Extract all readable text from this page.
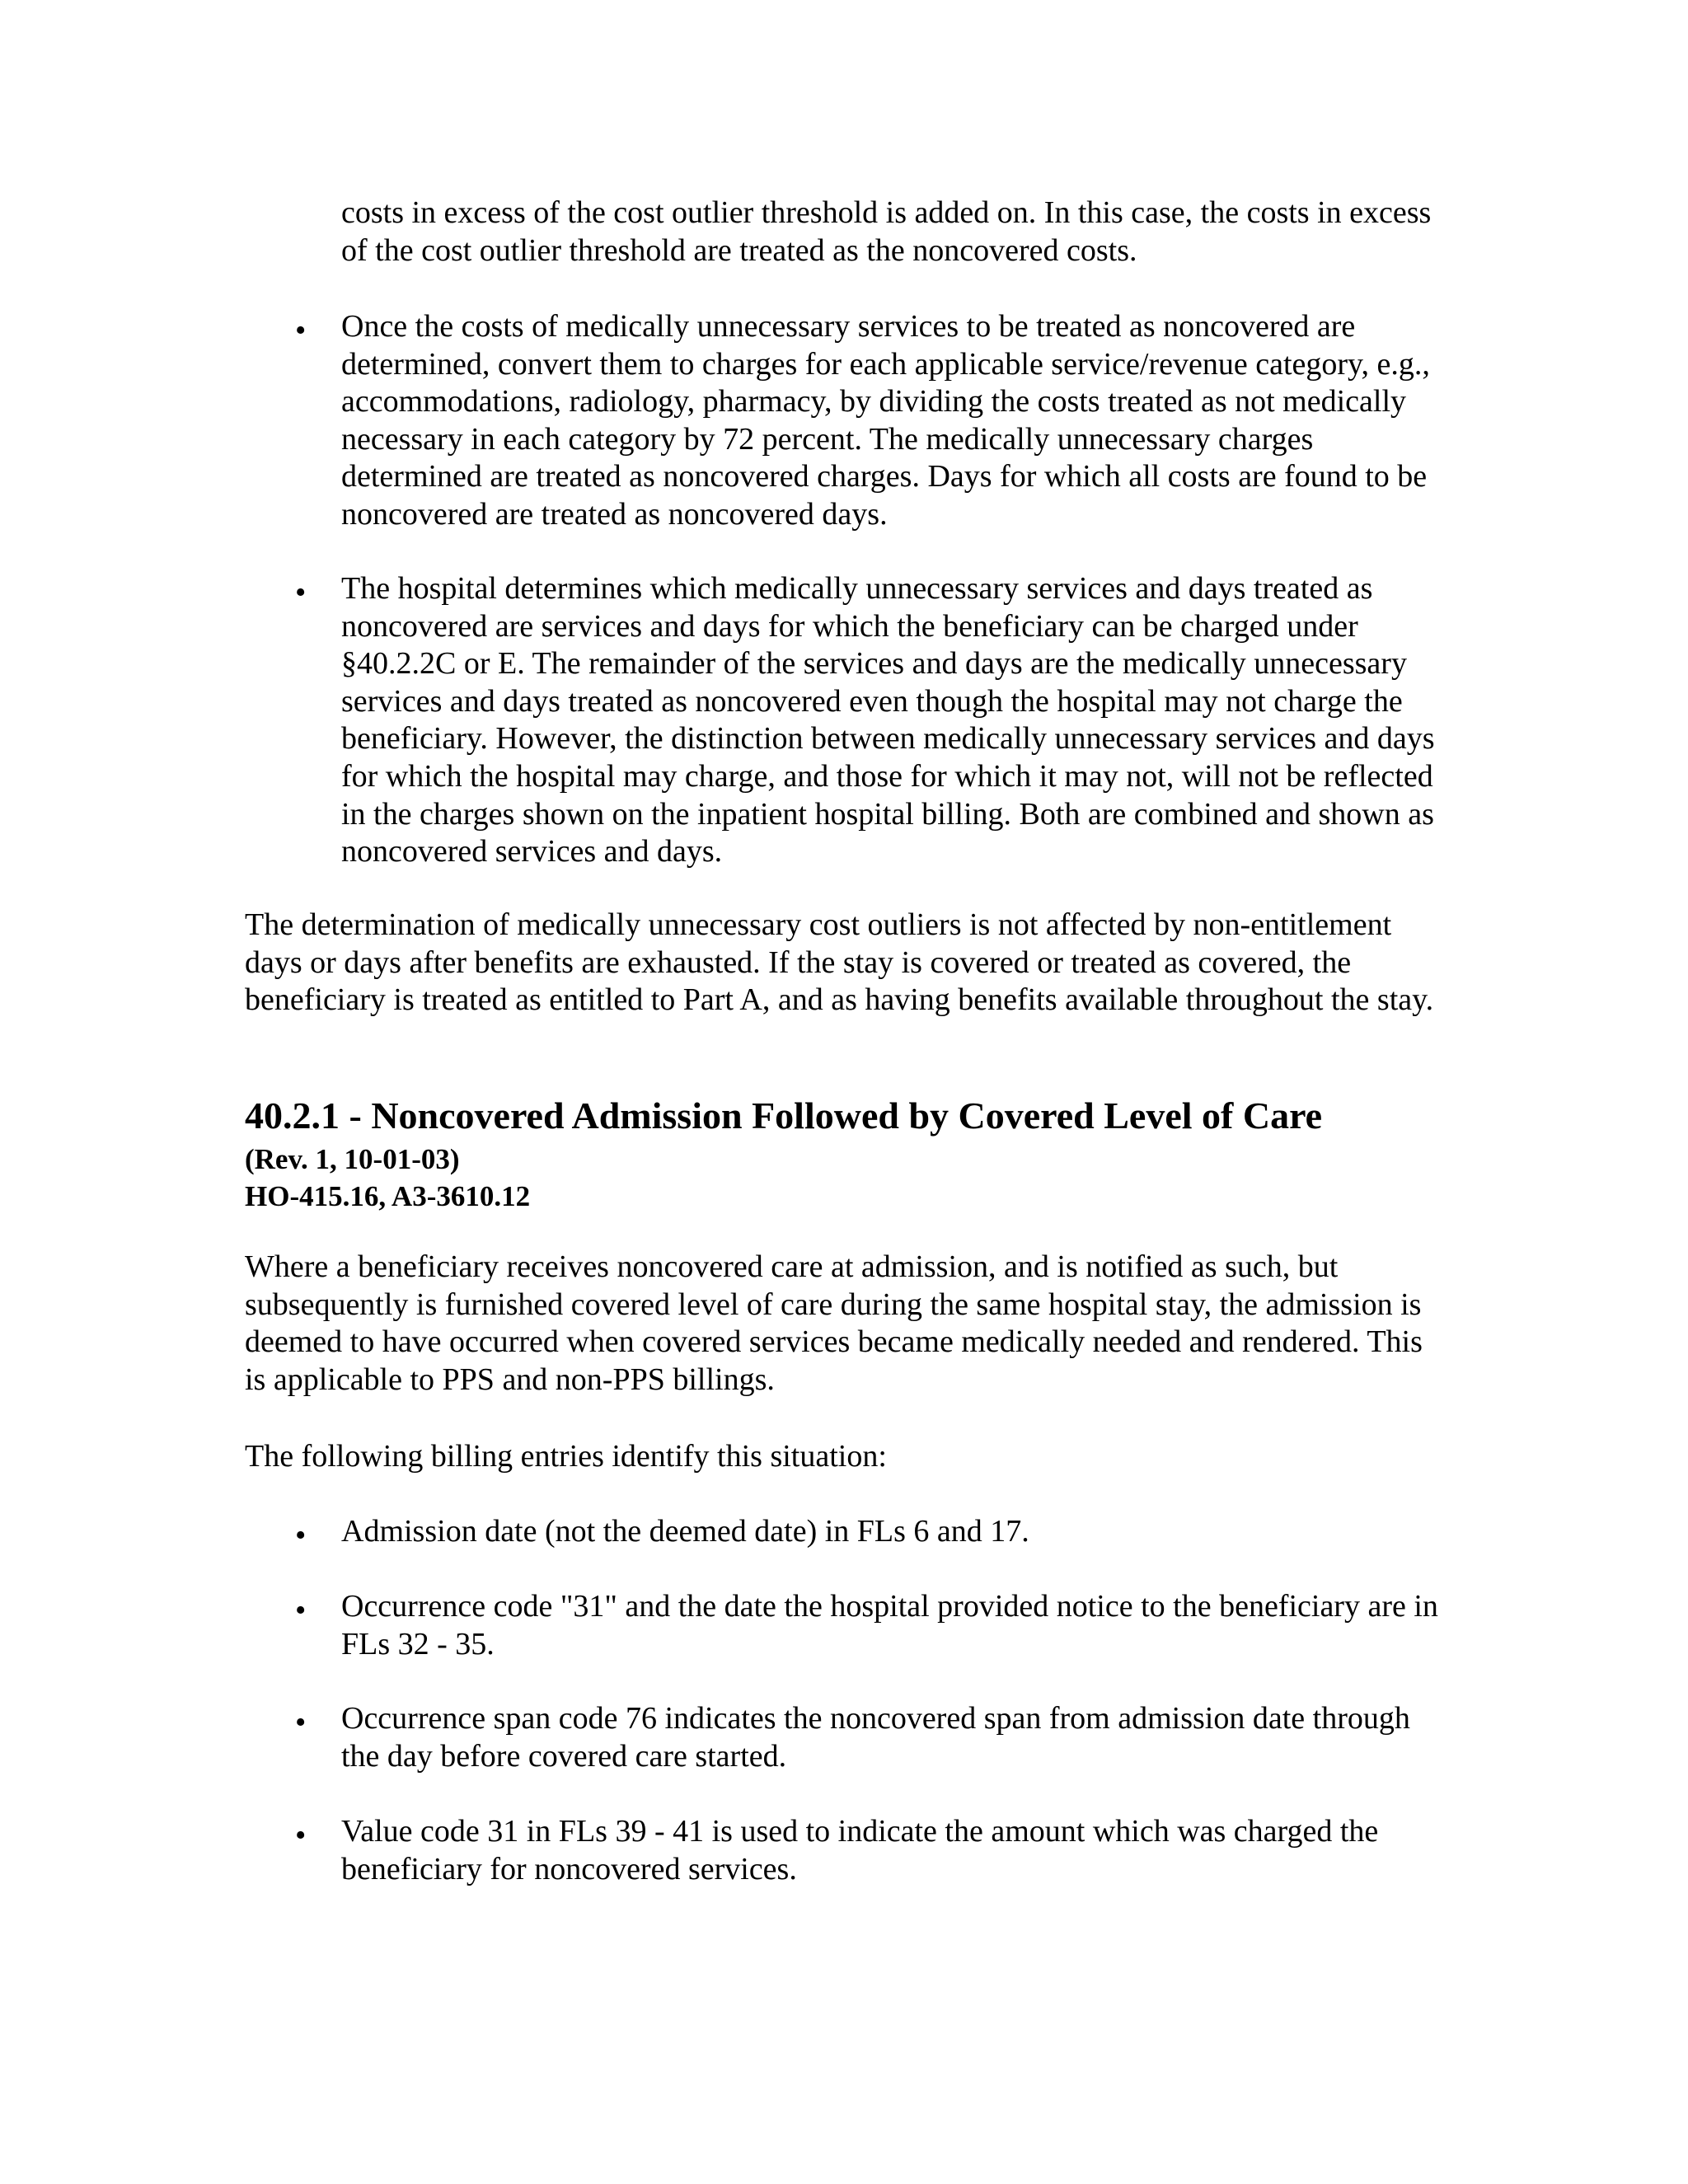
costs in excess of the cost outlier threshold is added on. In this case, the costs in excess of the cost outlier threshold are treated as the noncovered costs.

• Once the costs of medically unnecessary services to be treated as noncovered are determined, convert them to charges for each applicable service/revenue category, e.g., accommodations, radiology, pharmacy, by dividing the costs treated as not medically necessary in each category by 72 percent. The medically unnecessary charges determined are treated as noncovered charges. Days for which all costs are found to be noncovered are treated as noncovered days.

• The hospital determines which medically unnecessary services and days treated as noncovered are services and days for which the beneficiary can be charged under §40.2.2C or E. The remainder of the services and days are the medically unnecessary services and days treated as noncovered even though the hospital may not charge the beneficiary. However, the distinction between medically unnecessary services and days for which the hospital may charge, and those for which it may not, will not be reflected in the charges shown on the inpatient hospital billing. Both are combined and shown as noncovered services and days.

The determination of medically unnecessary cost outliers is not affected by non-entitlement days or days after benefits are exhausted. If the stay is covered or treated as covered, the beneficiary is treated as entitled to Part A, and as having benefits available throughout the stay.

40.2.1 - Noncovered Admission Followed by Covered Level of Care

(Rev. 1, 10-01-03)

HO-415.16, A3-3610.12

Where a beneficiary receives noncovered care at admission, and is notified as such, but subsequently is furnished covered level of care during the same hospital stay, the admission is deemed to have occurred when covered services became medically needed and rendered. This is applicable to PPS and non-PPS billings.

The following billing entries identify this situation:

• Admission date (not the deemed date) in FLs 6 and 17.

• Occurrence code "31" and the date the hospital provided notice to the beneficiary are in FLs 32 - 35.

• Occurrence span code 76 indicates the noncovered span from admission date through the day before covered care started.

• Value code 31 in FLs 39 - 41 is used to indicate the amount which was charged the beneficiary for noncovered services.
